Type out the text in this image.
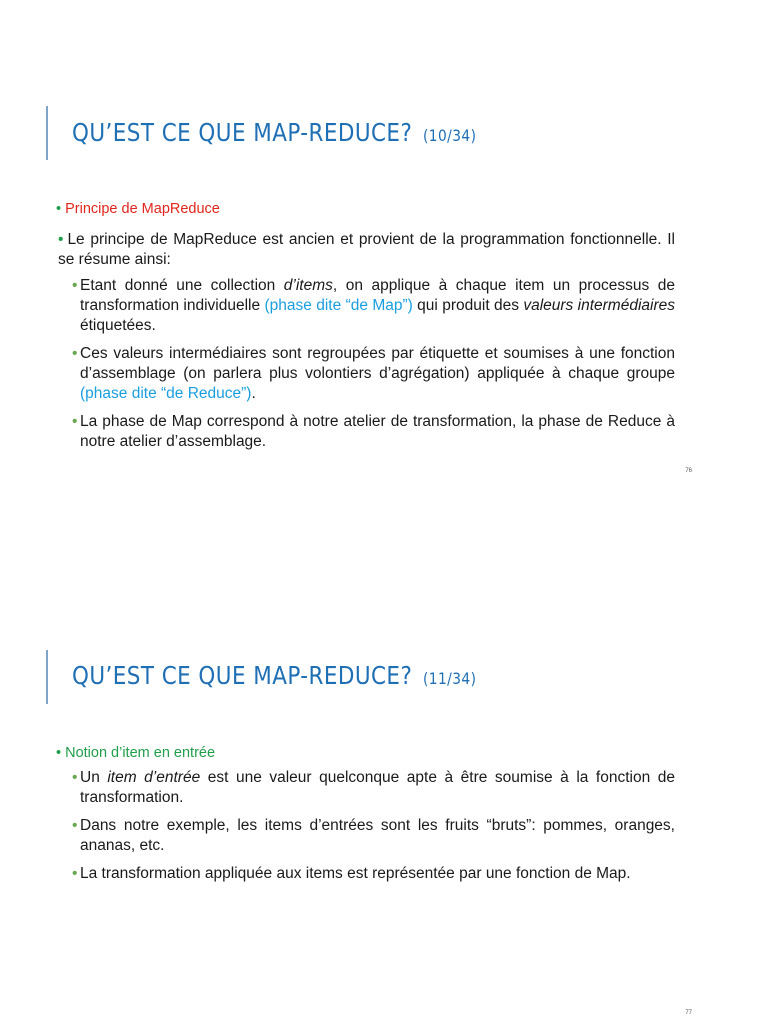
QU’EST CE QUE MAP-REDUCE? (10/34)
• Principe de MapReduce

• Le principe de MapReduce est ancien et provient de la programmation fonctionnelle. Il se résume ainsi:

• Etant donné une collection d’items, on applique à chaque item un processus de transformation individuelle (phase dite “de Map”) qui produit des valeurs intermédiaires étiquetées.

• Ces valeurs intermédiaires sont regroupées par étiquette et soumises à une fonction d’assemblage (on parlera plus volontiers d’agrégation) appliquée à chaque groupe (phase dite “de Reduce”).

• La phase de Map correspond à notre atelier de transformation, la phase de Reduce à notre atelier d’assemblage.

76
QU’EST CE QUE MAP-REDUCE? (11/34)
• Notion d’item en entrée

• Un item d’entrée est une valeur quelconque apte à être soumise à la fonction de transformation.

• Dans notre exemple, les items d’entrées sont les fruits “bruts”: pommes, oranges, ananas, etc.

• La transformation appliquée aux items est représentée par une fonction de Map.

77
